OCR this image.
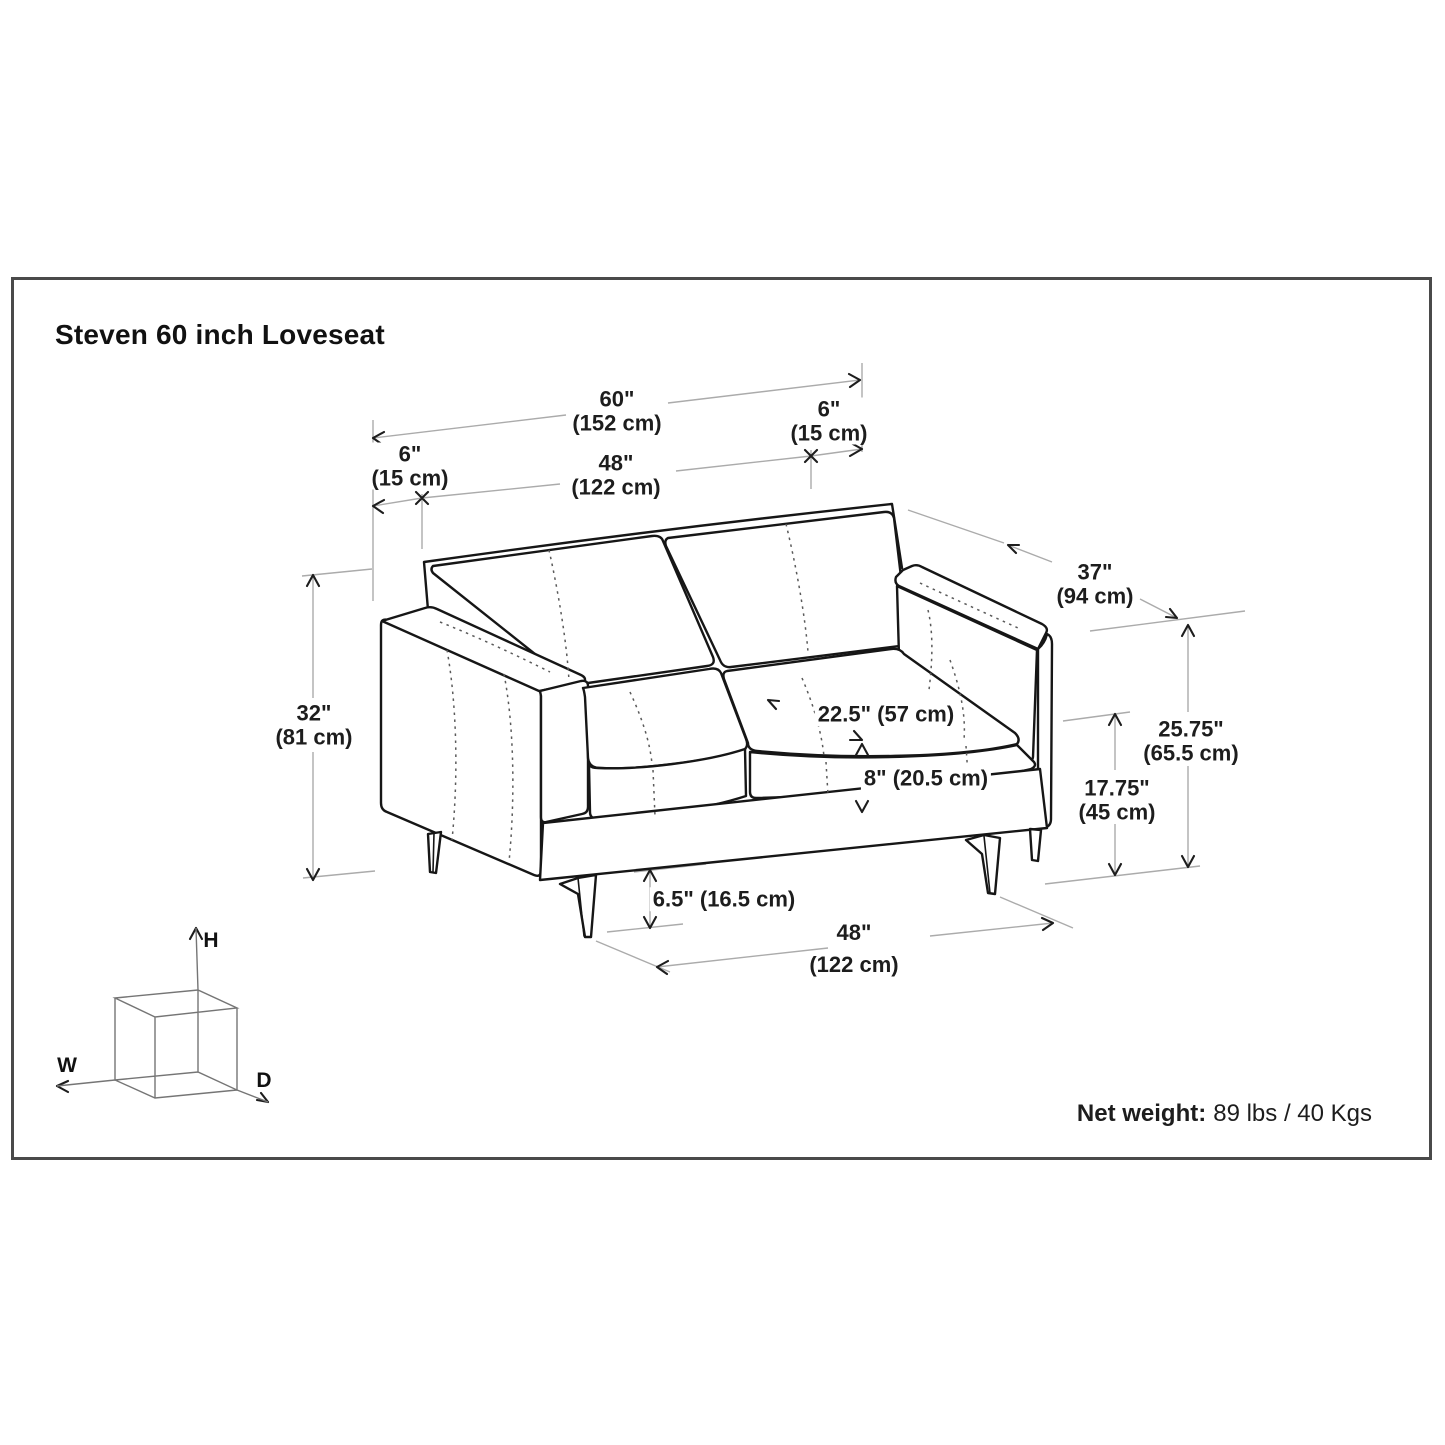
Steven 60 inch Loveseat
60"
(152 cm)
6"
(15 cm)
6"
(15 cm)
48"
(122 cm)
32"
(81 cm)
37"
(94 cm)
25.75"
(65.5 cm)
17.75"
(45 cm)
22.5" (57 cm)
8" (20.5 cm)
6.5" (16.5 cm)
48"
(122 cm)
H
W
D
Net weight: 89 lbs / 40 Kgs
